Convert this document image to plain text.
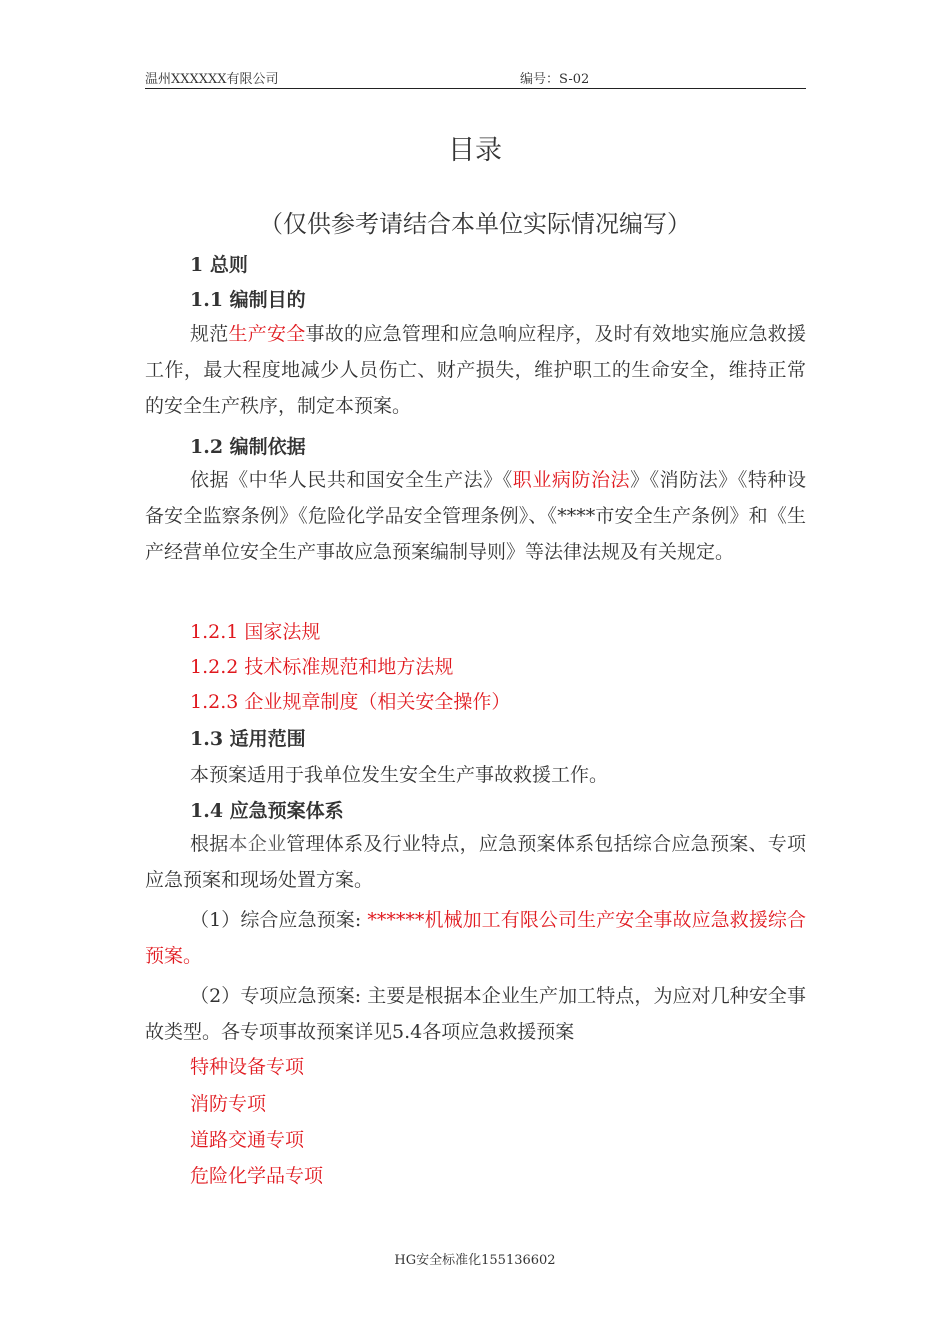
温州XXXXXX有限公司	编号：S-02
目录
（仅供参考请结合本单位实际情况编写）
1 总则
1.1 编制目的
规范生产安全事故的应急管理和应急响应程序，及时有效地实施应急救援工作，最大程度地减少人员伤亡、财产损失，维护职工的生命安全，维持正常的安全生产秩序，制定本预案。
1.2 编制依据
依据《中华人民共和国安全生产法》《职业病防治法》《消防法》《特种设备安全监察条例》《危险化学品安全管理条例》、《****市安全生产条例》和《生产经营单位安全生产事故应急预案编制导则》等法律法规及有关规定。
1.2.1 国家法规
1.2.2 技术标准规范和地方法规
1.2.3 企业规章制度（相关安全操作）
1.3 适用范围
本预案适用于我单位发生安全生产事故救援工作。
1.4 应急预案体系
根据本企业管理体系及行业特点，应急预案体系包括综合应急预案、专项应急预案和现场处置方案。
（1）综合应急预案: ******机械加工有限公司生产安全事故应急救援综合预案。
（2）专项应急预案: 主要是根据本企业生产加工特点，为应对几种安全事故类型。各专项事故预案详见5.4各项应急救援预案
特种设备专项
消防专项
道路交通专项
危险化学品专项
HG安全标准化155136602
